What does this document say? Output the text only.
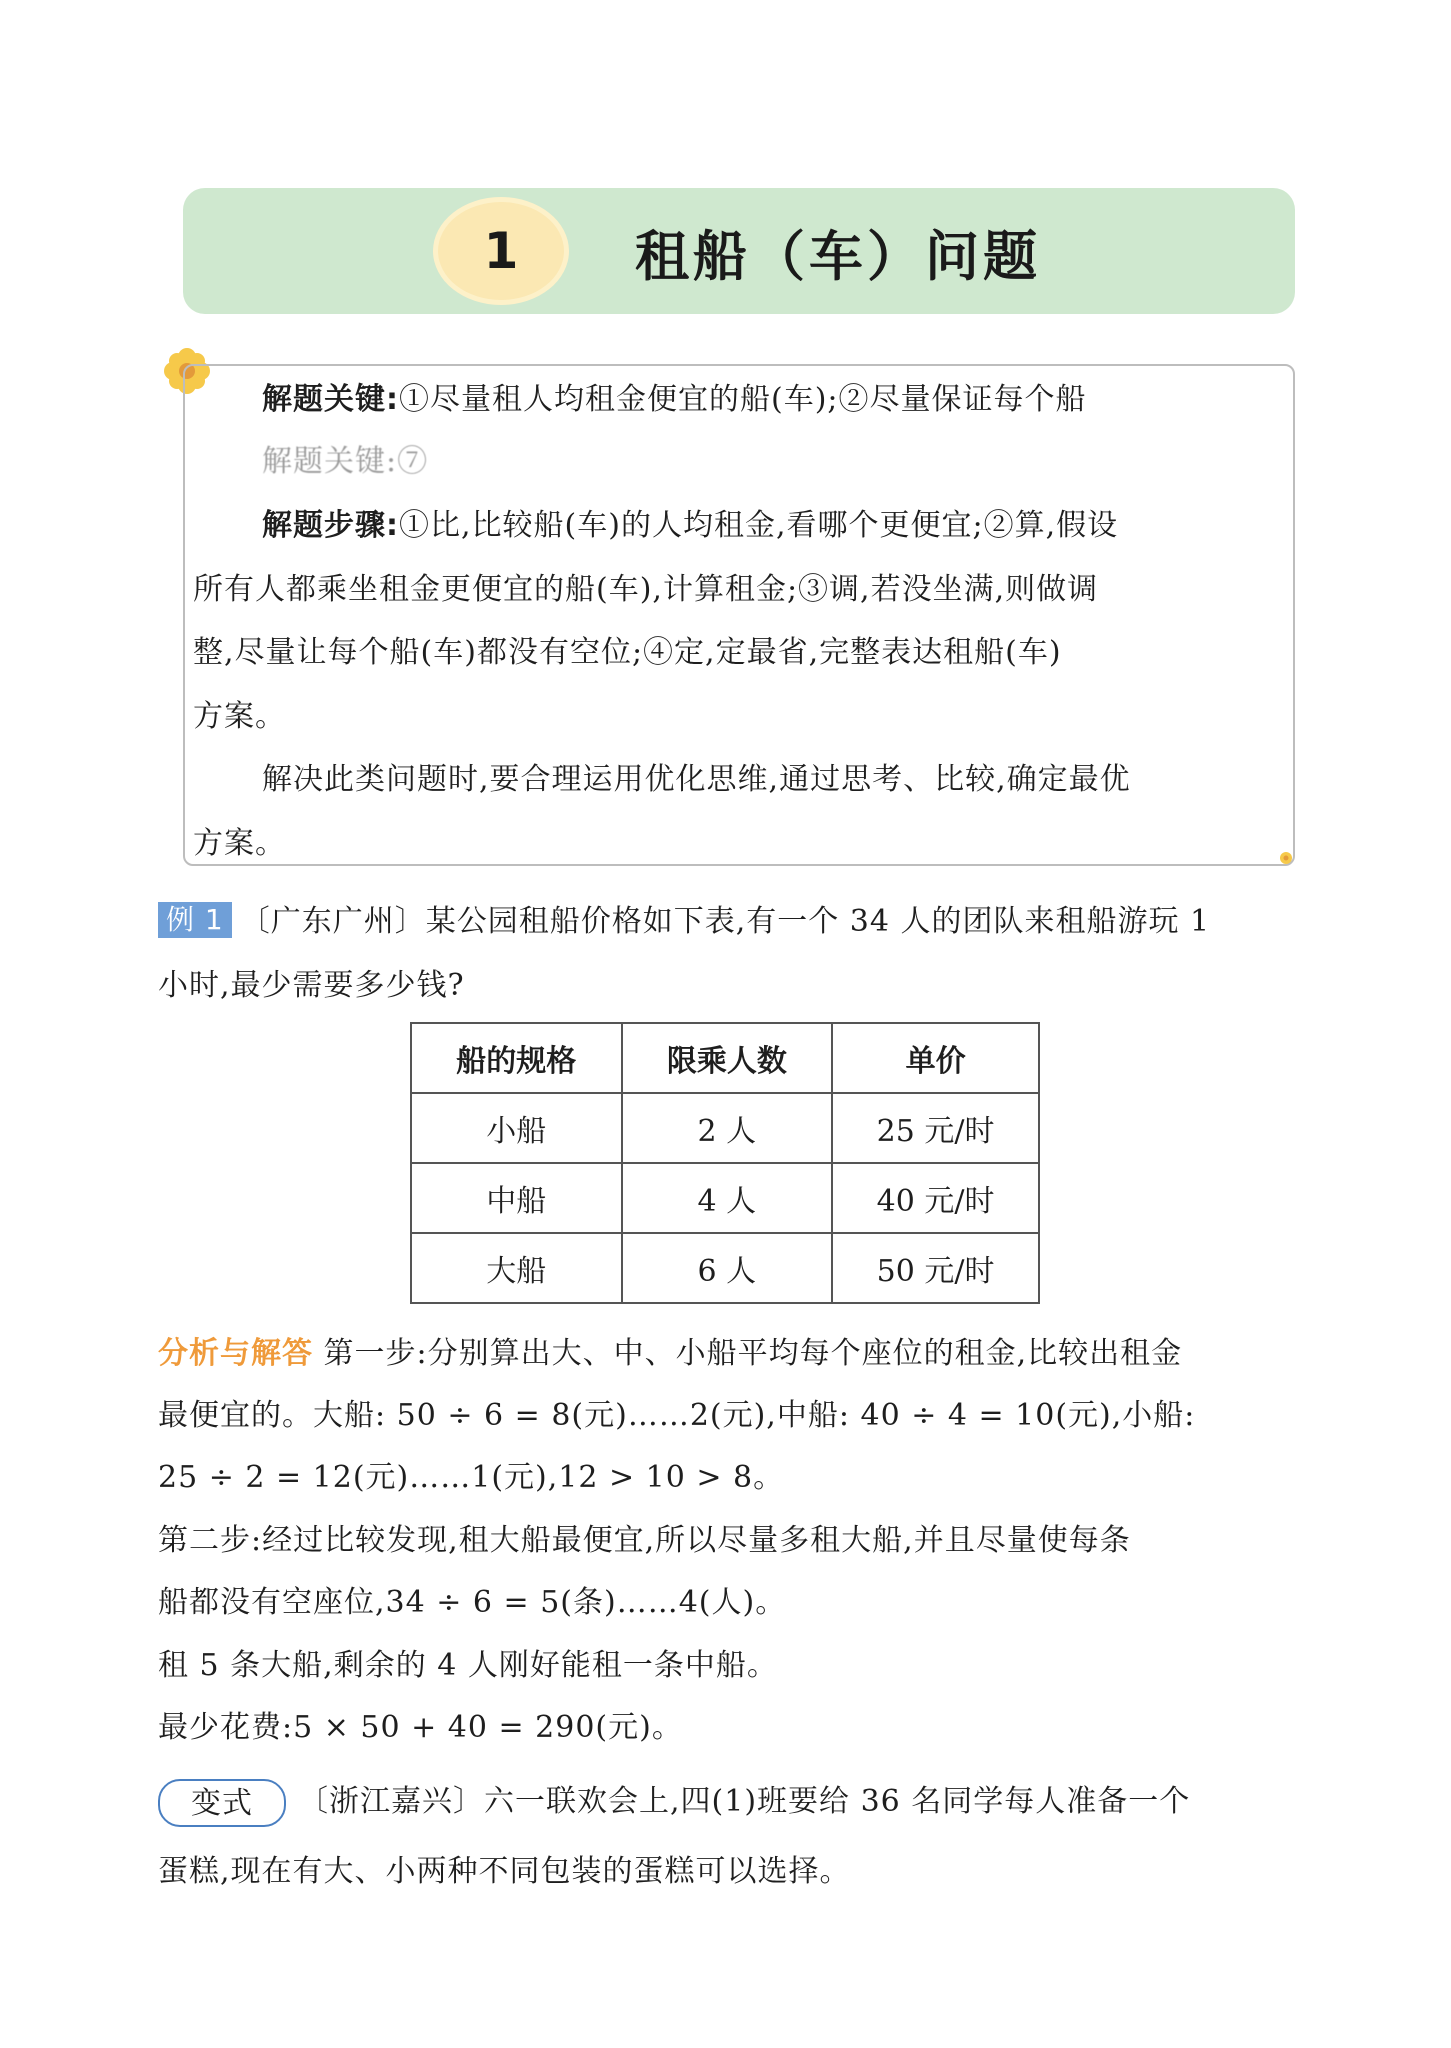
1	租船（车）问题
解题关键:①尽量租人均租金便宜的船(车);②尽量保证每个船
解题关键:⑦
解题步骤:①比,比较船(车)的人均租金,看哪个更便宜;②算,假设
所有人都乘坐租金更便宜的船(车),计算租金;③调,若没坐满,则做调
整,尽量让每个船(车)都没有空位;④定,定最省,完整表达租船(车)
方案。
解决此类问题时,要合理运用优化思维,通过思考、比较,确定最优
方案。
例 1 〔广东广州〕某公园租船价格如下表,有一个 34 人的团队来租船游玩 1
小时,最少需要多少钱?
船的规格	限乘人数	单价
小船	2 人	25 元/时
中船	4 人	40 元/时
大船	6 人	50 元/时
分析与解答 第一步:分别算出大、中、小船平均每个座位的租金,比较出租金
最便宜的。大船: 50 ÷ 6 = 8(元)……2(元),中船: 40 ÷ 4 = 10(元),小船:
25 ÷ 2 = 12(元)……1(元),12 > 10 > 8。
第二步:经过比较发现,租大船最便宜,所以尽量多租大船,并且尽量使每条
船都没有空座位,34 ÷ 6 = 5(条)……4(人)。
租 5 条大船,剩余的 4 人刚好能租一条中船。
最少花费:5 × 50 + 40 = 290(元)。
变式 〔浙江嘉兴〕六一联欢会上,四(1)班要给 36 名同学每人准备一个
蛋糕,现在有大、小两种不同包装的蛋糕可以选择。
